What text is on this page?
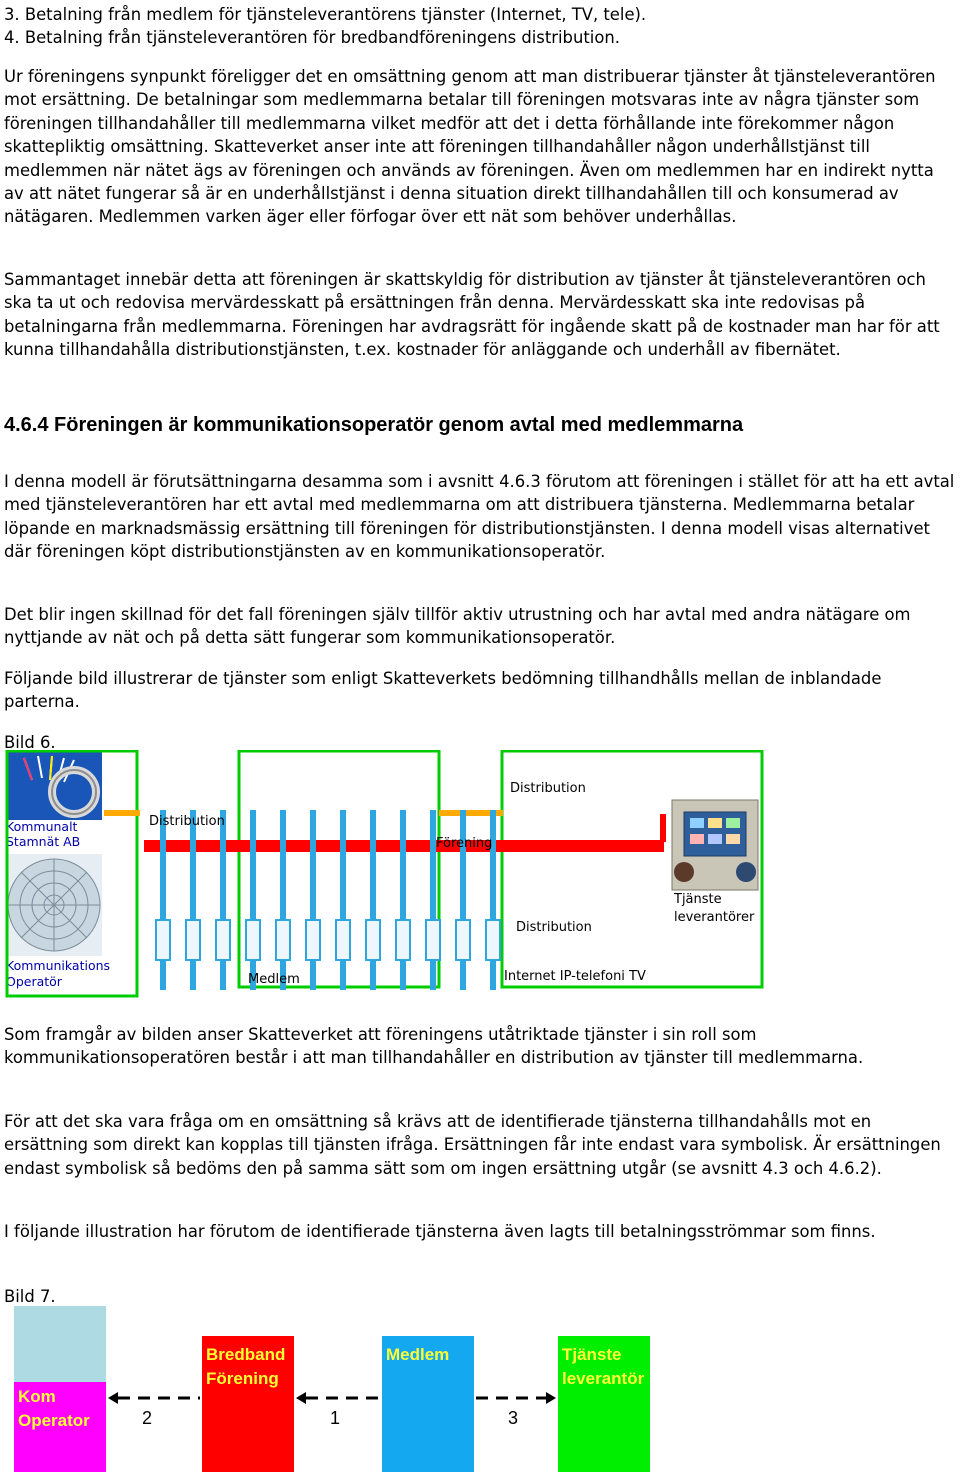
3. Betalning från medlem för tjänsteleverantörens tjänster (Internet, TV, tele).

4. Betalning från tjänsteleverantören för bredbandföreningens distribution.

Ur föreningens synpunkt föreligger det en omsättning genom att man distribuerar tjänster åt tjänsteleverantören mot ersättning. De betalningar som medlemmarna betalar till föreningen motsvaras inte av några tjänster som föreningen tillhandahåller till medlemmarna vilket medför att det i detta förhållande inte förekommer någon skattepliktig omsättning. Skatteverket anser inte att föreningen tillhandahåller någon underhållstjänst till medlemmen när nätet ägs av föreningen och används av föreningen. Även om medlemmen har en indirekt nytta av att nätet fungerar så är en underhållstjänst i denna situation direkt tillhandahållen till och konsumerad av nätägaren. Medlemmen varken äger eller förfogar över ett nät som behöver underhållas.

Sammantaget innebär detta att föreningen är skattskyldig för distribution av tjänster åt tjänsteleverantören och ska ta ut och redovisa mervärdesskatt på ersättningen från denna. Mervärdesskatt ska inte redovisas på betalningarna från medlemmarna. Föreningen har avdragsrätt för ingående skatt på de kostnader man har för att kunna tillhandahålla distributionstjänsten, t.ex. kostnader för anläggande och underhåll av fibernätet.

4.6.4 Föreningen är kommunikationsoperatör genom avtal med medlemmarna

I denna modell är förutsättningarna desamma som i avsnitt 4.6.3 förutom att föreningen i stället för att ha ett avtal med tjänsteleverantören har ett avtal med medlemmarna om att distribuera tjänsterna. Medlemmarna betalar löpande en marknadsmässig ersättning till föreningen för distributionstjänsten. I denna modell visas alternativet där föreningen köpt distributionstjänsten av en kommunikationsoperatör.

Det blir ingen skillnad för det fall föreningen själv tillför aktiv utrustning och har avtal med andra nätägare om nyttjande av nät och på detta sätt fungerar som kommunikationsoperatör.

Följande bild illustrerar de tjänster som enligt Skatteverkets bedömning tillhandhålls mellan de inblandade parterna.

Bild 6.

Kommunalt
Stamnät AB
Kommunikations
Operatör
Distribution
Distribution
Förening
Distribution
Tjänste
leverantörer
Medlem	Internet IP-telefoni TV

Som framgår av bilden anser Skatteverket att föreningens utåtriktade tjänster i sin roll som kommunikationsoperatören består i att man tillhandahåller en distribution av tjänster till medlemmarna.

För att det ska vara fråga om en omsättning så krävs att de identifierade tjänsterna tillhandahålls mot en ersättning som direkt kan kopplas till tjänsten ifråga. Ersättningen får inte endast vara symbolisk. Är ersättningen endast symbolisk så bedöms den på samma sätt som om ingen ersättning utgår (se avsnitt 4.3 och 4.6.2).

I följande illustration har förutom de identifierade tjänsterna även lagts till betalningsströmmar som finns.

Bild 7.

Kom
Operator
Bredband
Förening
Medlem	Tjänste
leverantör
2	1	3
